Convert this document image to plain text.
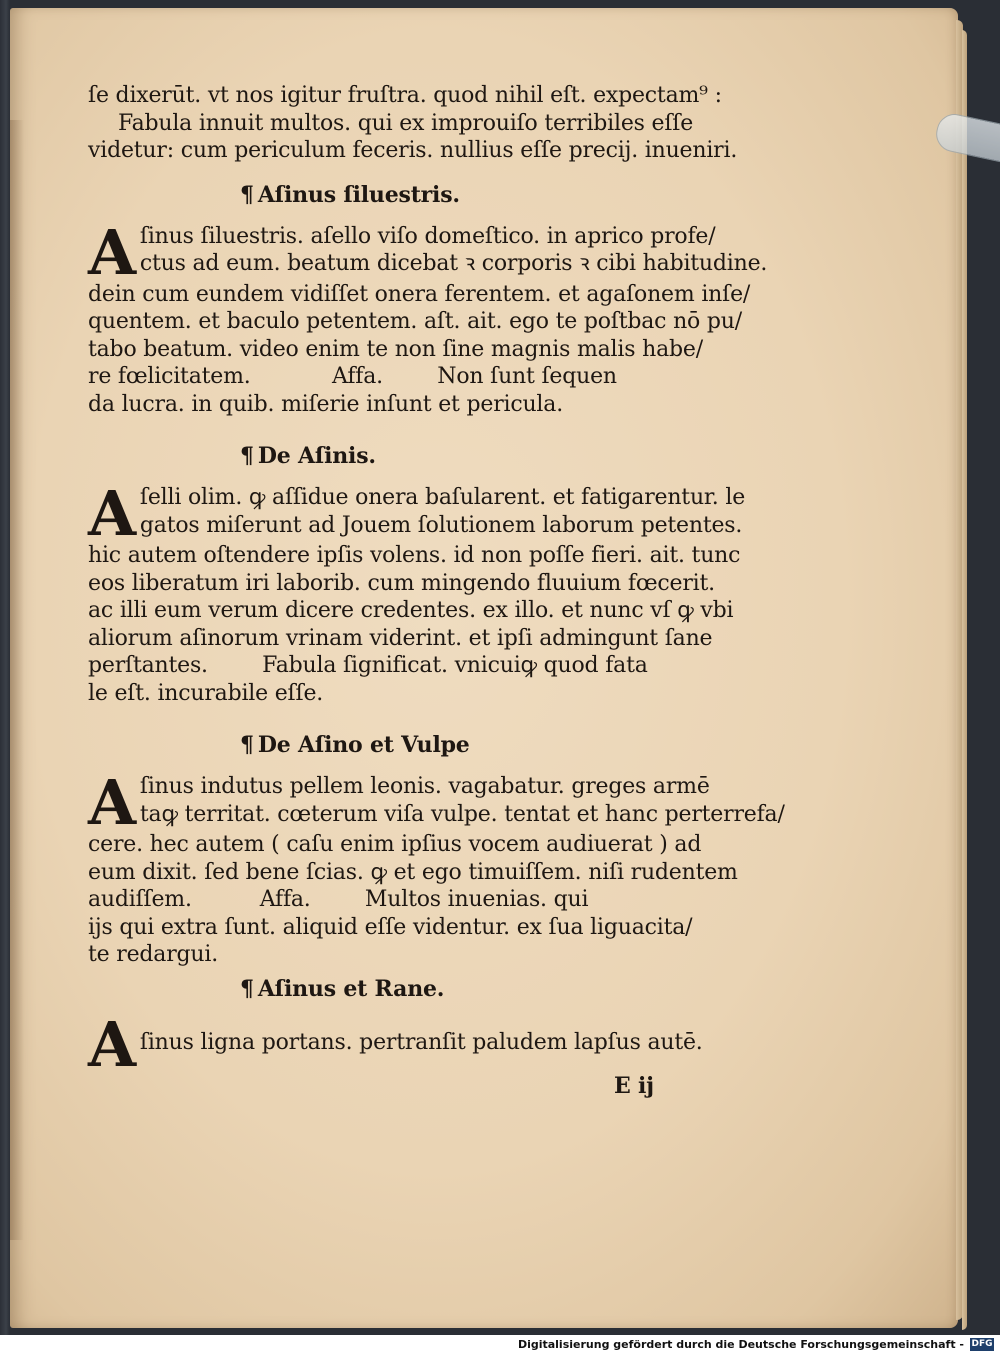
ſe dixerūt. vt nos igitur fruſtra. quod nihil eſt. expectam⁹ :
Fabula innuit multos. qui ex improuiſo terribiles eſſe
videtur: cum periculum feceris. nullius eſſe precij. inueniri.
¶ Aſinus ſiluestris.
A ſinus ſiluestris. aſello viſo domeſtico. in aprico profe/
ctus ad eum. beatum dicebat ꝛ corporis ꝛ cibi habitudine.
dein cum eundem vidiſſet onera ferentem. et agaſonem inſe/
quentem. et baculo petentem. aſt. ait. ego te poſtbac nō pu/
tabo beatum. video enim te non ſine magnis malis habe/
re fœlicitatem.            Affa.        Non ſunt ſequen
da lucra. in quib. miſerie inſunt et pericula.
¶ De Aſinis.
A ſelli olim. ꝙ aſſidue onera baſularent. et fatigarentur. le
gatos miſerunt ad Jouem ſolutionem laborum petentes.
hic autem oſtendere ipſis volens. id non poſſe fieri. ait. tunc
eos liberatum iri laborib. cum mingendo fluuium fœcerit.
ac illi eum verum dicere credentes. ex illo. et nunc vſ ꝙ vbi
aliorum aſinorum vrinam viderint. et ipſi admingunt ſane
perſtantes.        Fabula ſignificat. vnicuiꝙ quod fata
le eſt. incurabile eſſe.
¶ De Aſino et Vulpe
A ſinus indutus pellem leonis. vagabatur. greges armē
taꝙ territat. cœterum viſa vulpe. tentat et hanc perterrefa/
cere. hec autem ( caſu enim ipſius vocem audiuerat ) ad
eum dixit. ſed bene ſcias. ꝙ et ego timuiſſem. niſi rudentem
audiſſem.          Affa.        Multos inuenias. qui
ijs qui extra ſunt. aliquid eſſe videntur. ex ſua liguacita/
te redargui.
¶ Aſinus et Rane.
A ſinus ligna portans. pertranſit paludem lapſus autē.
E ij
Digitalisierung gefördert durch die Deutsche Forschungsgemeinschaft - DFG
